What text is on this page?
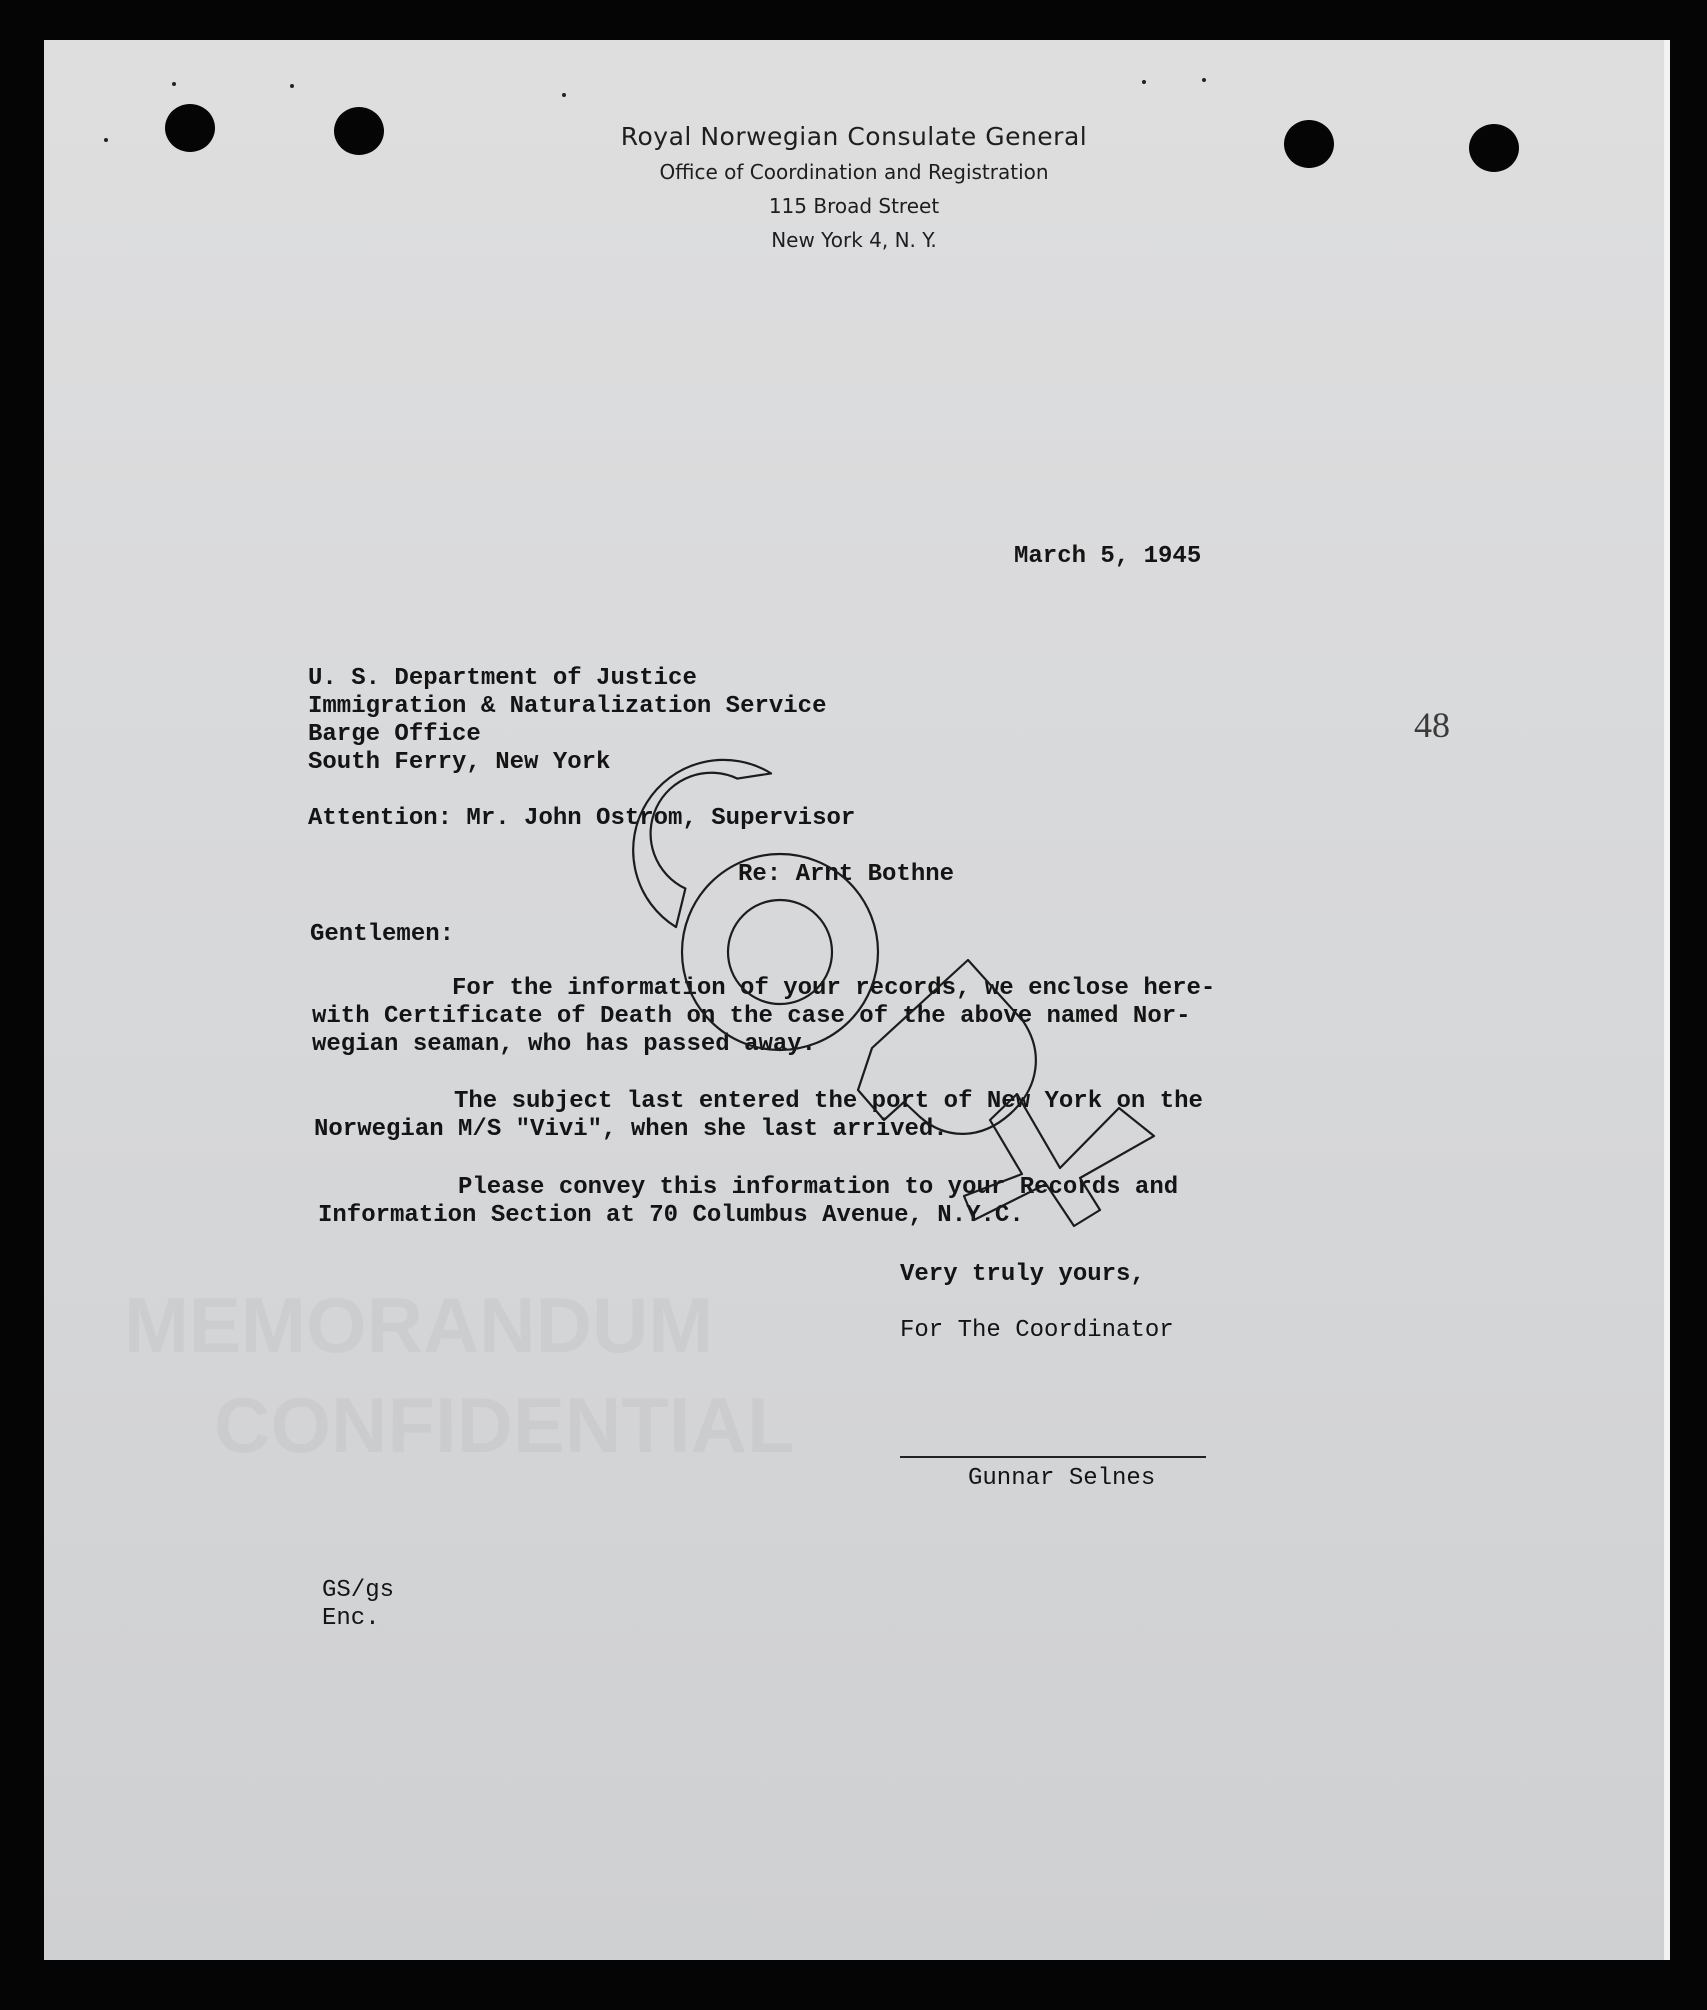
Royal Norwegian Consulate General
Office of Coordination and Registration
115 Broad Street
New York 4, N. Y.
March 5, 1945
48
U. S. Department of Justice
Immigration & Naturalization Service
Barge Office
South Ferry, New York
Attention: Mr. John Ostrom, Supervisor
Re: Arnt Bothne
Gentlemen:
For the information of your records, we enclose here-
with Certificate of Death on the case of the above named Nor-
wegian seaman, who has passed away.
The subject last entered the port of New York on the
Norwegian M/S "Vivi", when she last arrived.
Please convey this information to your Records and
Information Section at 70 Columbus Avenue, N.Y.C.
Very truly yours,
For The Coordinator
Gunnar Selnes
GS/gs
Enc.
